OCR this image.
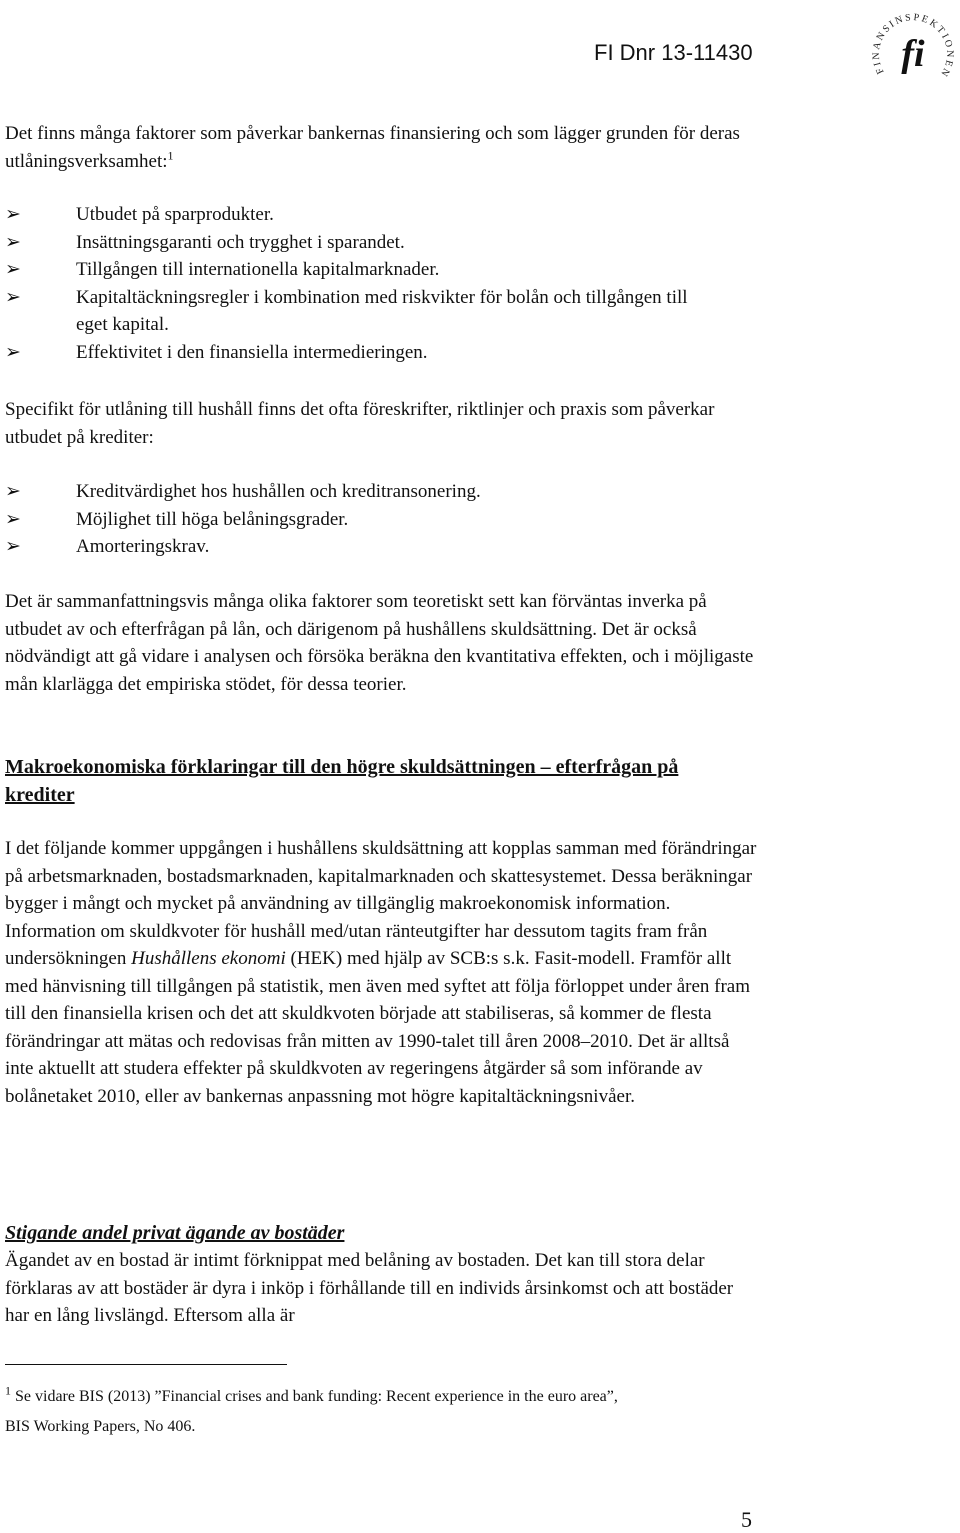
FI Dnr 13-11430
FINANSINSPEKTIONEN
fi

Det finns många faktorer som påverkar bankernas finansiering och som lägger grunden för deras utlåningsverksamhet:$^1$

➢	Utbudet på sparprodukter.
➢	Insättningsgaranti och trygghet i sparandet.
➢	Tillgången till internationella kapitalmarknader.
➢	Kapitaltäckningsregler i kombination med riskvikter för bolån och tillgången till eget kapital.
➢	Effektivitet i den finansiella intermedieringen.

Specifikt för utlåning till hushåll finns det ofta föreskrifter, riktlinjer och praxis som påverkar utbudet på krediter:

➢	Kreditvärdighet hos hushållen och kreditransonering.
➢	Möjlighet till höga belåningsgrader.
➢	Amorteringskrav.

Det är sammanfattningsvis många olika faktorer som teoretiskt sett kan förväntas inverka på utbudet av och efterfrågan på lån, och därigenom på hushållens skuldsättning. Det är också nödvändigt att gå vidare i analysen och försöka beräkna den kvantitativa effekten, och i möjligaste mån klarlägga det empiriska stödet, för dessa teorier.

Makroekonomiska förklaringar till den högre skuldsättningen – efterfrågan på krediter

I det följande kommer uppgången i hushållens skuldsättning att kopplas samman med förändringar på arbetsmarknaden, bostadsmarknaden, kapitalmarknaden och skattesystemet. Dessa beräkningar bygger i mångt och mycket på användning av tillgänglig makroekonomisk information. Information om skuldkvoter för hushåll med/utan ränteutgifter har dessutom tagits fram från undersökningen Hushållens ekonomi (HEK) med hjälp av SCB:s s.k. Fasit-modell. Framför allt med hänvisning till tillgången på statistik, men även med syftet att följa förloppet under åren fram till den finansiella krisen och det att skuldkvoten började att stabiliseras, så kommer de flesta förändringar att mätas och redovisas från mitten av 1990-talet till åren 2008–2010. Det är alltså inte aktuellt att studera effekter på skuldkvoten av regeringens åtgärder så som införande av bolånetaket 2010, eller av bankernas anpassning mot högre kapitaltäckningsnivåer.

Stigande andel privat ägande av bostäder

Ägandet av en bostad är intimt förknippat med belåning av bostaden. Det kan till stora delar förklaras av att bostäder är dyra i inköp i förhållande till en individs årsinkomst och att bostäder har en lång livslängd. Eftersom alla är

$^1$ Se vidare BIS (2013) ”Financial crises and bank funding: Recent experience in the euro area”,
BIS Working Papers, No 406.

5
